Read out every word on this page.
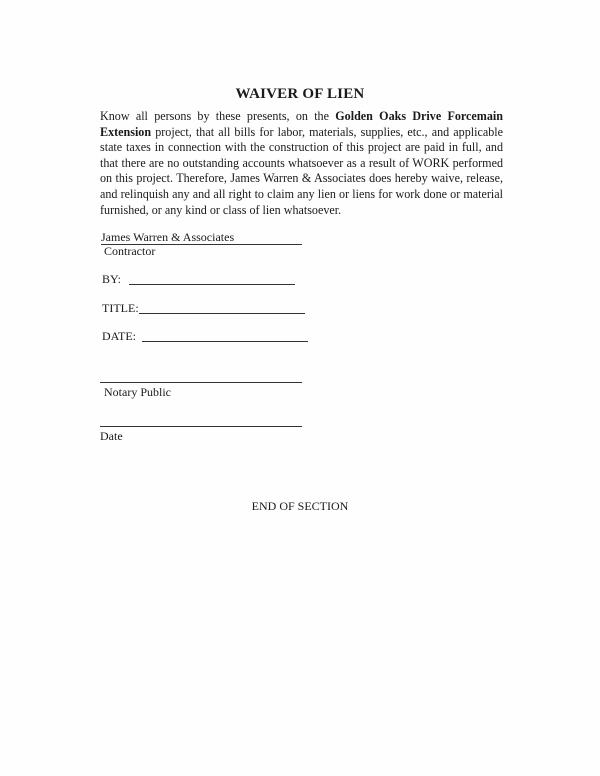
WAIVER OF LIEN

Know all persons by these presents, on the Golden Oaks Drive Forcemain Extension project, that all bills for labor, materials, supplies, etc., and applicable state taxes in connection with the construction of this project are paid in full, and that there are no outstanding accounts whatsoever as a result of WORK performed on this project. Therefore, James Warren & Associates does hereby waive, release, and relinquish any and all right to claim any lien or liens for work done or material furnished, or any kind or class of lien whatsoever.

James Warren & Associates
Contractor
BY:
TITLE:
DATE:
Notary Public
Date
END OF SECTION
